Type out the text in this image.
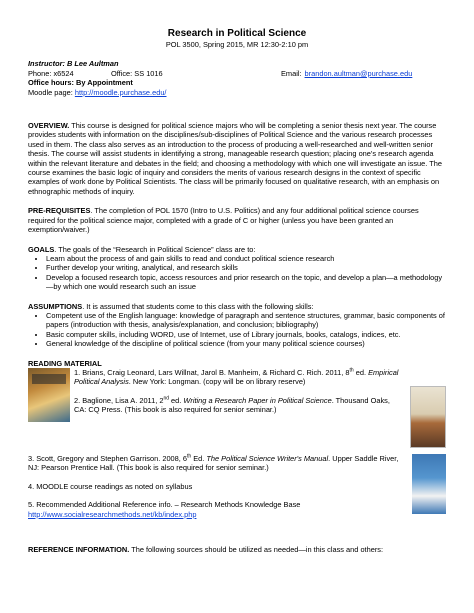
Research in Political Science

POL 3500, Spring 2015, MR 12:30-2:10 pm

Instructor: B Lee Aultman

Phone: x6524	Office: SS 1016	Email: brandon.aultman@purchase.edu

Office hours: By Appointment

Moodle page: http://moodle.purchase.edu/

OVERVIEW. This course is designed for political science majors who will be completing a senior thesis next year. The course provides students with information on the disciplines/sub-disciplines of Political Science and the various research processes used in them. The class also serves as an introduction to the process of producing a well-researched and well-written senior thesis. The course will assist students in identifying a strong, manageable research question; placing one's research agenda within the relevant literature and debates in the field; and choosing a methodology with which one will investigate an issue. The course examines the basic logic of inquiry and considers the merits of various research designs in the context of specific examples of work done by Political Scientists. The class will be primarily focused on qualitative research, with an emphasis on ethnographic methods of inquiry.

PRE-REQUISITES. The completion of POL 1570 (Intro to U.S. Politics) and any four additional political science courses required for the political science major, completed with a grade of C or higher (unless you have been granted an exemption/waiver.)

GOALS. The goals of the “Research in Political Science” class are to:

• Learn about the process of and gain skills to read and conduct political science research
• Further develop your writing, analytical, and research skills
• Develop a focused research topic, access resources and prior research on the topic, and develop a plan—a methodology—by which one would research such an issue

ASSUMPTIONS. It is assumed that students come to this class with the following skills:

• Competent use of the English language: knowledge of paragraph and sentence structures, grammar, basic components of papers (introduction with thesis, analysis/explanation, and conclusion; bibliography)
• Basic computer skills, including WORD, use of Internet, use of Library journals, books, catalogs, indices, etc.
• General knowledge of the discipline of political science (from your many political science courses)

READING MATERIAL

1. Brians, Craig Leonard, Lars Willnat, Jarol B. Manheim, & Richard C. Rich. 2011, 8th ed. Empirical Political Analysis. New York: Longman. (copy will be on library reserve)

2. Baglione, Lisa A. 2011, 2nd ed. Writing a Research Paper in Political Science. Thousand Oaks, CA: CQ Press. (This book is also required for senior seminar.)

3. Scott, Gregory and Stephen Garrison. 2008, 6th Ed. The Political Science Writer's Manual. Upper Saddle River, NJ: Pearson Prentice Hall. (This book is also required for senior seminar.)

4. MOODLE course readings as noted on syllabus

5. Recommended Additional Reference info. – Research Methods Knowledge Base

http://www.socialresearchmethods.net/kb/index.php

REFERENCE INFORMATION. The following sources should be utilized as needed—in this class and others:
